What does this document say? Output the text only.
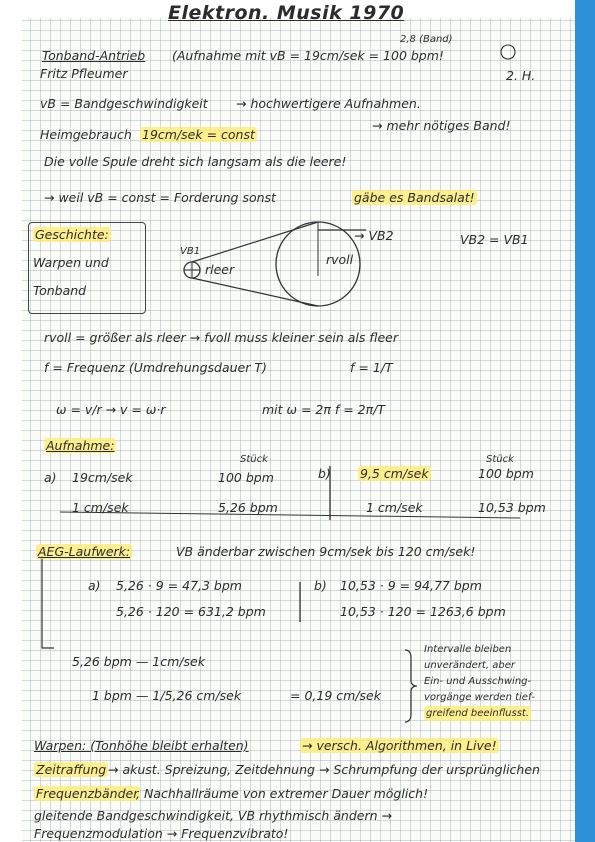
Elektron. Musik 1970
Tonband-Antrieb (Aufnahme mit vB = 19cm/sek = 100 bpm!
2,8 (Band)
Fritz Pfleumer	2. H.
vB = Bandgeschwindigkeit → hochwertigere Aufnahmen.
Heimgebrauch 19cm/sek = const
→ mehr nötiges Band!
Die volle Spule dreht sich langsam als die leere!
→ weil vB = const = Forderung sonst	gäbe es Bandsalat!
Geschichte:
Warpen und
Tonband
VB1
rleer
rvoll
→ VB2	VB2 = VB1
rvoll = größer als rleer → fvoll muss kleiner sein als fleer
f = Frequenz (Umdrehungsdauer T)	f = 1/T
ω = v/r → v = ω·r	mit ω = 2π f = 2π/T
Aufnahme:
Stück	Stück
a) 19cm/sek	100 bpm
1 cm/sek	5,26 bpm
b) 9,5 cm/sek	100 bpm
1 cm/sek	10,53 bpm
AEG-Laufwerk:	VB änderbar zwischen 9cm/sek bis 120 cm/sek!
a) 5,26 · 9 = 47,3 bpm
5,26 · 120 = 631,2 bpm
b) 10,53 · 9 = 94,77 bpm
10,53 · 120 = 1263,6 bpm
5,26 bpm — 1cm/sek
1 bpm — 1/5,26 cm/sek	= 0,19 cm/sek
Intervalle bleiben
unverändert, aber
Ein- und Ausschwing-
vorgänge werden tief-
greifend beeinflusst.
Warpen: (Tonhöhe bleibt erhalten)	→ versch. Algorithmen, in Live!
Zeitraffung → akust. Spreizung, Zeitdehnung → Schrumpfung der ursprünglichen
Frequenzbänder
, Nachhallräume von extremer Dauer möglich!
gleitende Bandgeschwindigkeit, VB rhythmisch ändern →
Frequenzmodulation → Frequenzvibrato!
